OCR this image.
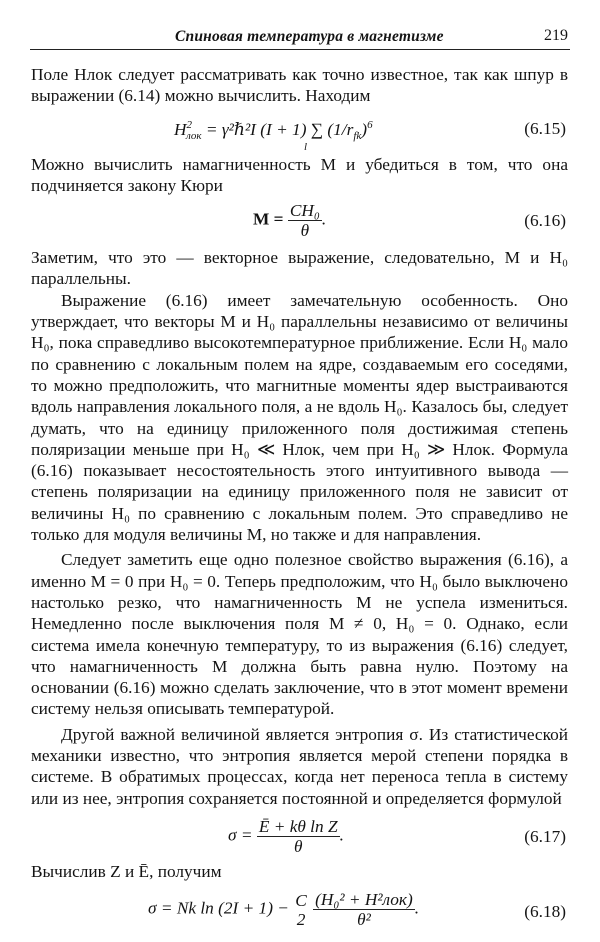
Спиновая температура в магнетизме	219

Поле Hлок следует рассматривать как точно известное, так как шпур в выражении (6.14) можно вычислить. Находим

$H^2_{лок}$ = γ²ℏ²I (I + 1) ∑ $(1/r_{fk})^6$
l
(6.15)

Можно вычислить намагниченность M и убедиться в том, что она подчиняется закону Кюри

$M = \frac{\text{CH₀}}{\theta}$ .	(6.16)

Заметим, что это — векторное выражение, следовательно, M и H₀ параллельны.

Выражение (6.16) имеет замечательную особенность. Оно утверждает, что векторы M и H₀ параллельны независимо от величины H₀, пока справедливо высокотемпературное приближение. Если H₀ мало по сравнению с локальным полем на ядре, создаваемым его соседями, то можно предположить, что магнитные моменты ядер выстраиваются вдоль направления локального поля, а не вдоль H₀. Казалось бы, следует думать, что на единицу приложенного поля достижимая степень поляризации меньше при H₀ ≪ Hлок, чем при H₀ ≫ Hлок. Формула (6.16) показывает несостоятельность этого интуитивного вывода — степень поляризации на единицу приложенного поля не зависит от величины H₀ по сравнению с локальным полем. Это справедливо не только для модуля величины M, но также и для направления.

Следует заметить еще одно полезное свойство выражения (6.16), а именно M = 0 при H₀ = 0. Теперь предположим, что H₀ было выключено настолько резко, что намагниченность M не успела измениться. Немедленно после выключения поля M ≠ 0, H₀ = 0. Однако, если система имела конечную температуру, то из выражения (6.16) следует, что намагниченность M должна быть равна нулю. Поэтому на основании (6.16) можно сделать заключение, что в этот момент времени систему нельзя описывать температурой.

Другой важной величиной является энтропия σ. Из статистической механики известно, что энтропия является мерой степени порядка в системе. В обратимых процессах, когда нет переноса тепла в систему или из нее, энтропия сохраняется постоянной и определяется формулой

$\sigma = \frac{\text{Ē + kθ ln Z}}{\theta}$ .	(6.17)

Вычислив Z и Ē, получим

σ = Nk ln (2I + 1) − C
2
$\frac{\text{(H₀² + H²лок)}}{\text{θ²}}$ .	(6.18)
